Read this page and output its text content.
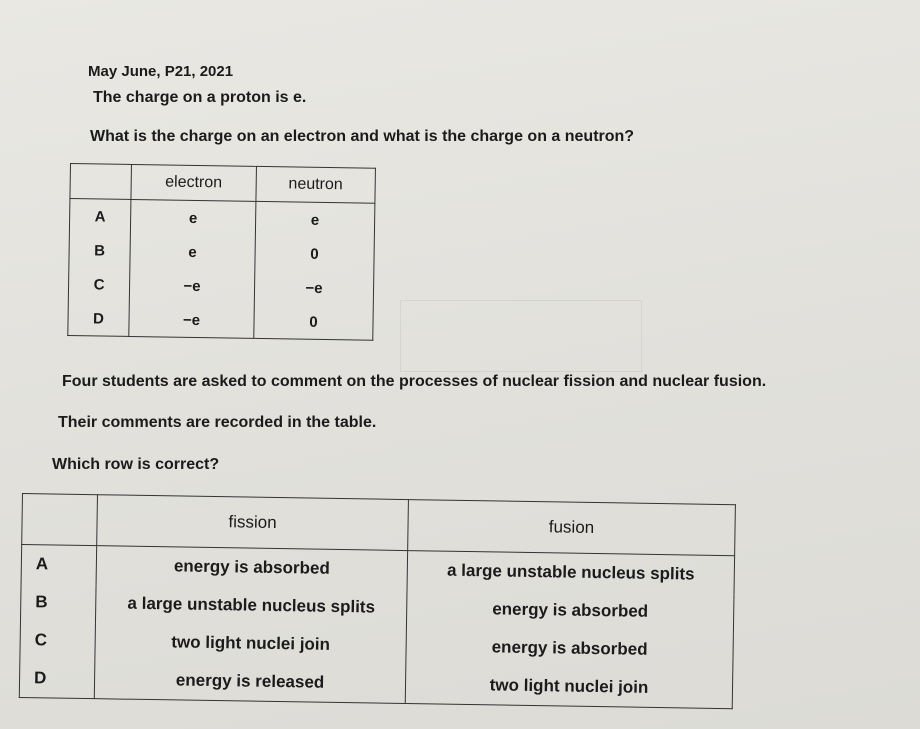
May June, P21, 2021
The charge on a proton is e.
What is the charge on an electron and what is the charge on a neutron?
	electron	neutron
A	e	e
B	e	0
C	−e	−e
D	−e	0
Four students are asked to comment on the processes of nuclear fission and nuclear fusion.
Their comments are recorded in the table.
Which row is correct?
	fission	fusion
A	energy is absorbed	a large unstable nucleus splits
B	a large unstable nucleus splits	energy is absorbed
C	two light nuclei join	energy is absorbed
D	energy is released	two light nuclei join
